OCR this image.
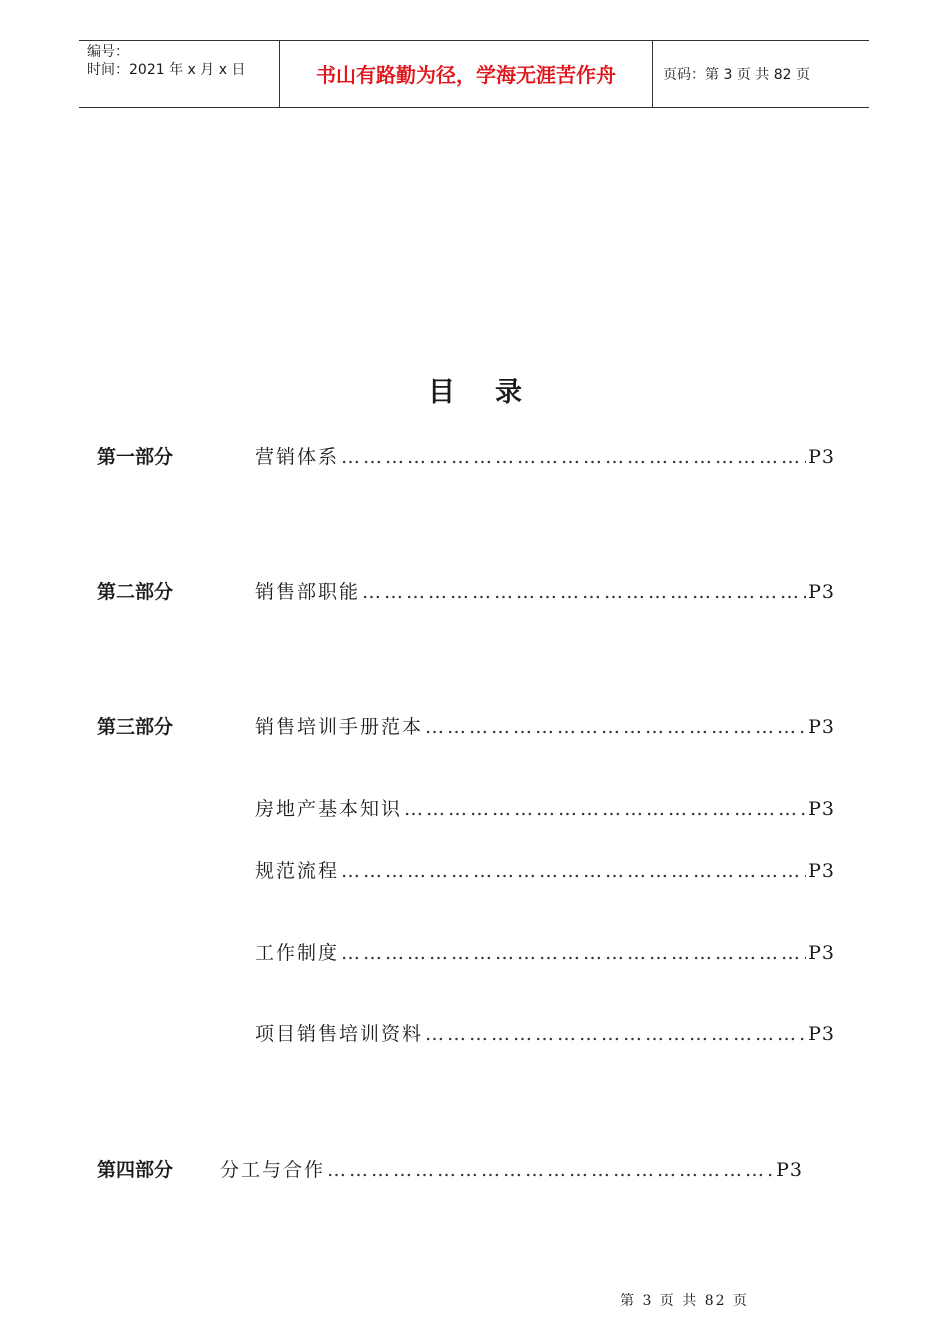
编号：
时间：2021 年 x 月 x 日	书山有路勤为径，学海无涯苦作舟	页码：第 3 页 共 82 页
目录
第一部分	营销体系 …………………………………………………………………………………………………………………………………………………………………………………………	P3
第二部分	销售部职能 …………………………………………………………………………………………………………………………………………………………………………………………	P3
第三部分	销售培训手册范本 …………………………………………………………………………………………………………………………………………………………………………………………	P3
房地产基本知识 …………………………………………………………………………………………………………………………………………………………………………………………	P3
规范流程 …………………………………………………………………………………………………………………………………………………………………………………………	P3
工作制度 …………………………………………………………………………………………………………………………………………………………………………………………	P3
项目销售培训资料 …………………………………………………………………………………………………………………………………………………………………………………………	P3
第四部分 分工与合作 …………………………………………………………………………………………………………………………………………………………………………………………	P3
第 3 页 共 82 页
